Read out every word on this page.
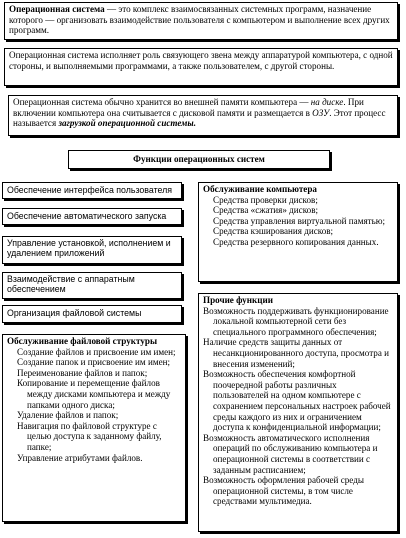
Операционная система — это комплекс взаимосвязанных системных программ, назначение которого — организовать взаимодействие пользователя с компьютером и выполнение всех других программ.
Операционная система исполняет роль связующего звена между аппаратурой компьютера, с одной стороны, и выполняемыми программами, а также пользователем, с другой стороны.
Операционная система обычно хранится во внешней памяти компьютера — на диске. При включении компьютера она считывается с дисковой памяти и размещается в ОЗУ. Этот процесс называется загрузкой операционной системы.
Функции операционных систем
Обеспечение интерфейса пользователя
Обеспечение автоматического запуска
Управление установкой, исполнением и удалением приложений
Взаимодействие с аппаратным обеспечением
Организация файловой системы
Обслуживание файловой структуры
Создание файлов и присвоение им имен;
Создание папок и присвоение им имен;
Переименование файлов и папок;
Копирование и перемещение файлов между дисками компьютера и между папками одного диска;
Удаление файлов и папок;
Навигация по файловой структуре с целью доступа к заданному файлу, папке;
Управление атрибутами файлов.
Обслуживание компьютера
Средства проверки дисков;
Средства «сжатия» дисков;
Средства управления виртуальной памятью;
Средства кэширования дисков;
Средства резервного копирования данных.
Прочие функции
Возможность поддерживать функционирование локальной компьютерной сети без специального программного обеспечения;
Наличие средств защиты данных от несанкционированного доступа, просмотра и внесения изменений;
Возможность обеспечения комфортной поочередной работы различных пользователей на одном компьютере с сохранением персональных настроек рабочей среды каждого из них и ограничением доступа к конфиденциальной информации;
Возможность автоматического исполнения операций по обслуживанию компьютера и операционной системы в соответствии с заданным расписанием;
Возможность оформления рабочей среды операционной системы, в том числе средствами мультимедиа.
